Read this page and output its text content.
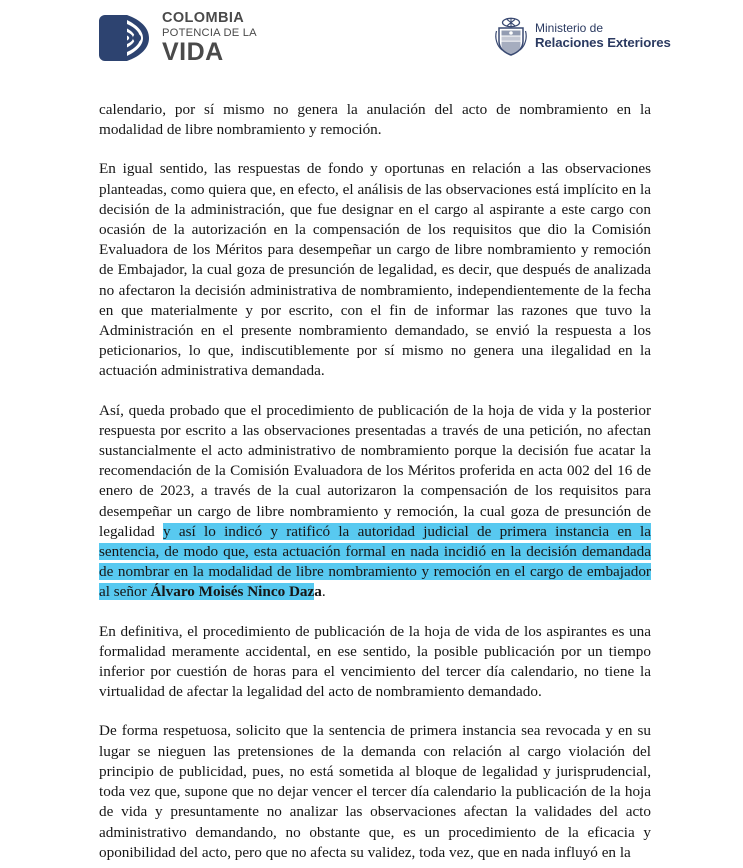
COLOMBIA
POTENCIA DE LA
VIDA
Ministerio de
Relaciones Exteriores

calendario, por sí mismo no genera la anulación del acto de nombramiento en la modalidad de libre nombramiento y remoción.

En igual sentido, las respuestas de fondo y oportunas en relación a las observaciones planteadas, como quiera que, en efecto, el análisis de las observaciones está implícito en la decisión de la administración, que fue designar en el cargo al aspirante a este cargo con ocasión de la autorización en la compensación de los requisitos que dio la Comisión Evaluadora de los Méritos para desempeñar un cargo de libre nombramiento y remoción de Embajador, la cual goza de presunción de legalidad, es decir, que después de analizada no afectaron la decisión administrativa de nombramiento, independientemente de la fecha en que materialmente y por escrito, con el fin de informar las razones que tuvo la Administración en el presente nombramiento demandado, se envió la respuesta a los peticionarios, lo que, indiscutiblemente por sí mismo no genera una ilegalidad en la actuación administrativa demandada.

Así, queda probado que el procedimiento de publicación de la hoja de vida y la posterior respuesta por escrito a las observaciones presentadas a través de una petición, no afectan sustancialmente el acto administrativo de nombramiento porque la decisión fue acatar la recomendación de la Comisión Evaluadora de los Méritos proferida en acta 002 del 16 de enero de 2023, a través de la cual autorizaron la compensación de los requisitos para desempeñar un cargo de libre nombramiento y remoción, la cual goza de presunción de legalidad y así lo indicó y ratificó la autoridad judicial de primera instancia en la sentencia, de modo que, esta actuación formal en nada incidió en la decisión demandada de nombrar en la modalidad de libre nombramiento y remoción en el cargo de embajador al señor Álvaro Moisés Ninco Daza.

En definitiva, el procedimiento de publicación de la hoja de vida de los aspirantes es una formalidad meramente accidental, en ese sentido, la posible publicación por un tiempo inferior por cuestión de horas para el vencimiento del tercer día calendario, no tiene la virtualidad de afectar la legalidad del acto de nombramiento demandado.

De forma respetuosa, solicito que la sentencia de primera instancia sea revocada y en su lugar se nieguen las pretensiones de la demanda con relación al cargo violación del principio de publicidad, pues, no está sometida al bloque de legalidad y jurisprudencial, toda vez que, supone que no dejar vencer el tercer día calendario la publicación de la hoja de vida y presuntamente no analizar las observaciones afectan la validades del acto administrativo demandando, no obstante que, es un procedimiento de la eficacia y oponibilidad del acto, pero que no afecta su validez, toda vez, que en nada influyó en la
